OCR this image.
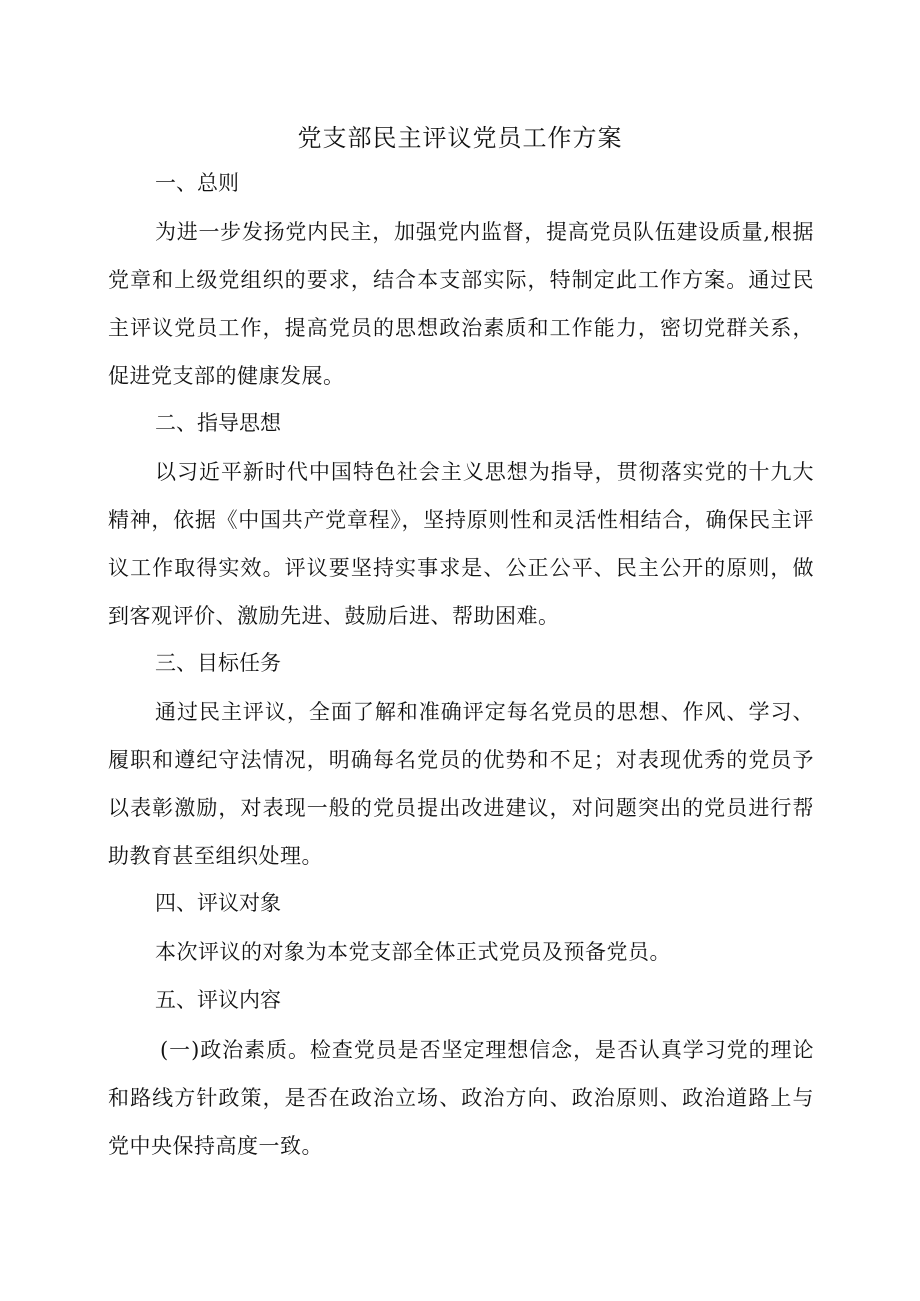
党支部民主评议党员工作方案
一、总则

为进一步发扬党内民主，加强党内监督，提高党员队伍建设质量,根据党章和上级党组织的要求，结合本支部实际，特制定此工作方案。通过民主评议党员工作，提高党员的思想政治素质和工作能力，密切党群关系，促进党支部的健康发展。

二、指导思想

以习近平新时代中国特色社会主义思想为指导，贯彻落实党的十九大精神，依据《中国共产党章程》，坚持原则性和灵活性相结合，确保民主评议工作取得实效。评议要坚持实事求是、公正公平、民主公开的原则，做到客观评价、激励先进、鼓励后进、帮助困难。

三、目标任务

通过民主评议，全面了解和准确评定每名党员的思想、作风、学习、履职和遵纪守法情况，明确每名党员的优势和不足；对表现优秀的党员予以表彰激励，对表现一般的党员提出改进建议，对问题突出的党员进行帮助教育甚至组织处理。

四、评议对象

本次评议的对象为本党支部全体正式党员及预备党员。

五、评议内容

(一)政治素质。检查党员是否坚定理想信念，是否认真学习党的理论和路线方针政策，是否在政治立场、政治方向、政治原则、政治道路上与党中央保持高度一致。
